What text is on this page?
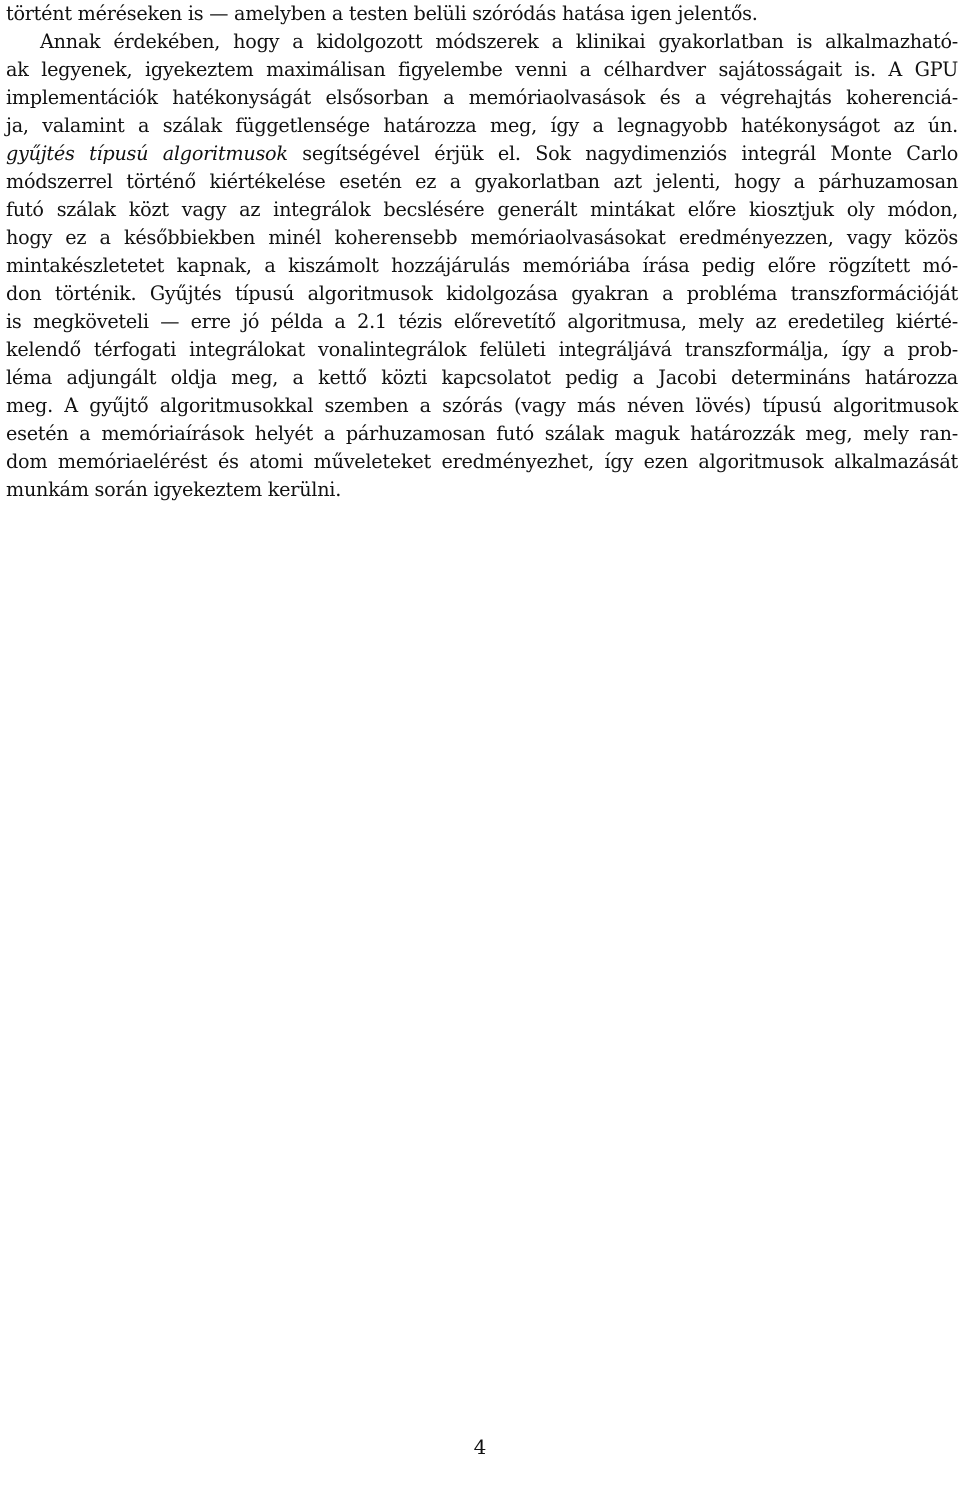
történt méréseken is — amelyben a testen belüli szóródás hatása igen jelentős.
Annak érdekében, hogy a kidolgozott módszerek a klinikai gyakorlatban is alkalmazható-
ak legyenek, igyekeztem maximálisan figyelembe venni a célhardver sajátosságait is. A GPU
implementációk hatékonyságát elsősorban a memóriaolvasások és a végrehajtás koherenciá-
ja, valamint a szálak függetlensége határozza meg, így a legnagyobb hatékonyságot az ún.
gyűjtés típusú algoritmusok segítségével érjük el. Sok nagydimenziós integrál Monte Carlo
módszerrel történő kiértékelése esetén ez a gyakorlatban azt jelenti, hogy a párhuzamosan
futó szálak közt vagy az integrálok becslésére generált mintákat előre kiosztjuk oly módon,
hogy ez a későbbiekben minél koherensebb memóriaolvasásokat eredményezzen, vagy közös
mintakészletetet kapnak, a kiszámolt hozzájárulás memóriába írása pedig előre rögzített mó-
don történik. Gyűjtés típusú algoritmusok kidolgozása gyakran a probléma transzformációját
is megköveteli — erre jó példa a 2.1 tézis előrevetítő algoritmusa, mely az eredetileg kiérté-
kelendő térfogati integrálokat vonalintegrálok felületi integráljává transzformálja, így a prob-
léma adjungált oldja meg, a kettő közti kapcsolatot pedig a Jacobi determináns határozza
meg. A gyűjtő algoritmusokkal szemben a szórás (vagy más néven lövés) típusú algoritmusok
esetén a memóriaírások helyét a párhuzamosan futó szálak maguk határozzák meg, mely ran-
dom memóriaelérést és atomi műveleteket eredményezhet, így ezen algoritmusok alkalmazását
munkám során igyekeztem kerülni.
4
